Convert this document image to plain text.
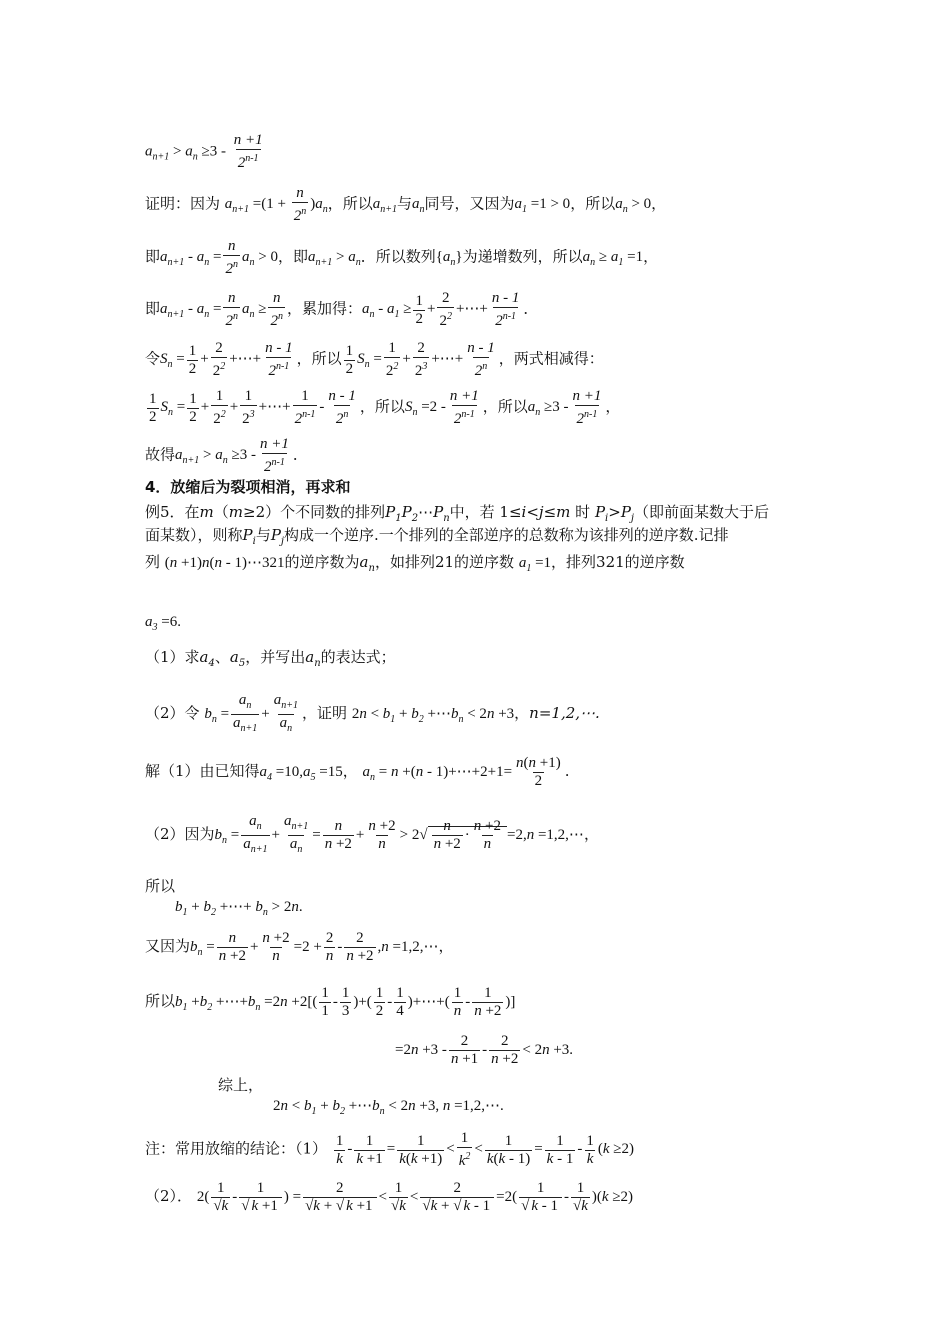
$a_{n+1} > a_n \ge 3 - \frac{n +1}{2^{n-1}}$
证明：因为 $a_{n+1} =(1 + \frac{n}{2^n} )a_n$，所以$a_{n+1}$与$a_n$同号，又因为$a_1 =1 > 0$，所以$a_n > 0$，
即$a_{n+1} - a_n = \frac{n}{2^n} a_n > 0$，即$a_{n+1} > a_n$．所以数列$\{a_n\}$为递增数列，所以$a_n \ge a_1 =1$，
即$a_{n+1} - a_n = \frac{n}{2^n} a_n \ge \frac{n}{2^n}$ ，累加得：$a_n - a_1 \ge \frac{1}{2} + \frac{2}{2^2}$ +⋯+ $\frac{n - 1}{2^{n-1}}$ ．
令$S_n = \frac{1}{2} + \frac{2}{2^2}$ +⋯+ $\frac{n - 1}{2^{n-1}}$ ，所以 $\frac{1}{2} S_n = \frac{1}{2^2} + \frac{2}{2^3}$ +⋯+ $\frac{n - 1}{2^n}$ ，两式相减得：
$\frac{1}{2} S_n = \frac{1}{2} + \frac{1}{2^2} + \frac{1}{2^3}$ +⋯+ $\frac{1}{2^{n-1}} - \frac{n - 1}{2^n}$ ，所以$S_n =2 - \frac{n +1}{2^{n-1}}$ ，所以$a_n \ge 3 - \frac{n +1}{2^{n-1}}$ ，
故得$a_{n+1} > a_n \ge 3 - \frac{n +1}{2^{n-1}}$ ．
4．放缩后为裂项相消，再求和
例5．在m（m≥2）个不同数的排列$P_1P_2\cdots P_n$中，若 1≤i<j≤m 时 $P_i>P_j$（即前面某数大于后
面某数），则称$P_i$与$P_j$构成一个逆序.一个排列的全部逆序的总数称为该排列的逆序数.记排
列 (n +1)n(n - 1)⋯321的逆序数为$a_n$，如排列21的逆序数 $a_1 =1$，排列321的逆序数
$a_3 =6$.
（1）求$a_4$、$a_5$，并写出$a_n$的表达式；
（2）令 $b_n = \frac{a_n}{a_{n+1}} + \frac{a_{n+1}}{a_n}$ ，证明 $2n < b_1 + b_2$ $+\cdots b_n < 2n +3$，n=1,2,⋯.
解（1）由已知得$a_4 =10,a_5 =15$， $a_n = n +(n$ - 1)+⋯+2+1= $\frac{n(n +1)}{2}$ .
（2）因为$b_n = \frac{a_n}{a_{n+1}} + \frac{a_{n+1}}{a_n} = \frac{n}{n +2} + \frac{n +2}{n} > 2√ \frac{n}{n +2} \cdot \frac{n +2}{n} =2,n$ =1,2,⋯，
所以
$b_1 + b_2$ +⋯+ $b_n > 2n$.
又因为$b_n = \frac{n}{n +2} + \frac{n +2}{n} =2 + \frac{2}{n} - \frac{2}{n +2} ,n$ =1,2,⋯，
所以$b_1 +b_2$ $+\cdots+b_n =2n +2[( \frac{1}{1} - \frac{1}{3}$ )+( $\frac{1}{2} - \frac{1}{4}$ )+⋯+( $\frac{1}{n} - \frac{1}{n +2}$ )]
$=2n +3 - \frac{2}{n +1} - \frac{2}{n +2} < 2n +3$.
综上，
$2n < b_1 + b_2$ $+\cdots b_n < 2n +3$, n =1,2,⋯.
注：常用放缩的结论：$(1) \frac{1}{k} - \frac{1}{k +1} = \frac{1}{k(k +1)} < \frac{1}{k^2} < \frac{1}{k(k - 1)} = \frac{1}{k - 1} - \frac{1}{k} (k \ge 2)$
（2）． $2( \frac{1}{√k} - \frac{1}{√ k +1}$ ) = $\frac{2}{√k + √ k +1} < \frac{1}{√k} < \frac{2}{√k + √ k - 1} =2( \frac{1}{√ k - 1} - \frac{1}{√k} )(k \ge 2)$
